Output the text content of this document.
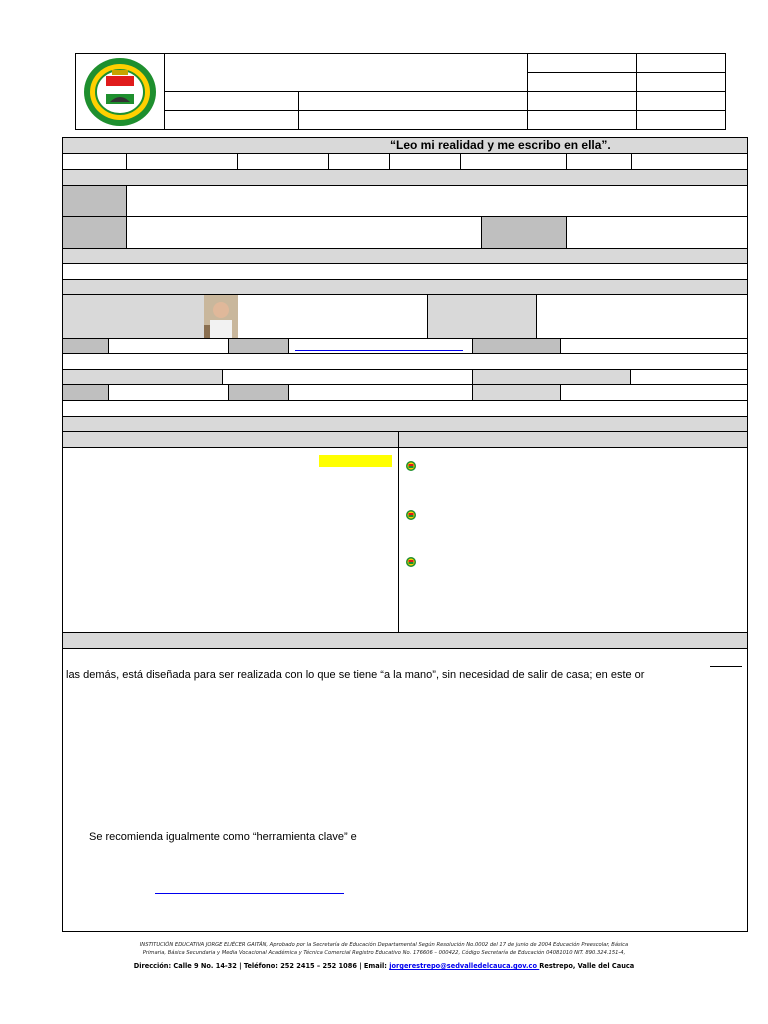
“Leo mi realidad y me escribo en ella”.
las demás, está diseñada para ser realizada con lo que se tiene “a la mano”, sin necesidad de salir de casa; en este or
Se recomienda igualmente como “herramienta clave” e
INSTITUCIÓN EDUCATIVA JORGE ELIÉCER GAITÁN, Aprobado por la Secretaría de Educación Departamental Según Resolución No.0002 del 17 de junio de 2004 Educación Preescolar, Básica
Primaria, Básica Secundaria y Media Vocacional Académica y Técnica Comercial Registro Educativo No. 176606 – 000422, Código Secretaría de Educación 04081010 NIT. 890.324.151-4,
Dirección: Calle 9 No. 14-32 | Teléfono: 252 2415 – 252 1086 | Email: jorgerestrepo@sedvalledelcauca.gov.co Restrepo, Valle del Cauca
